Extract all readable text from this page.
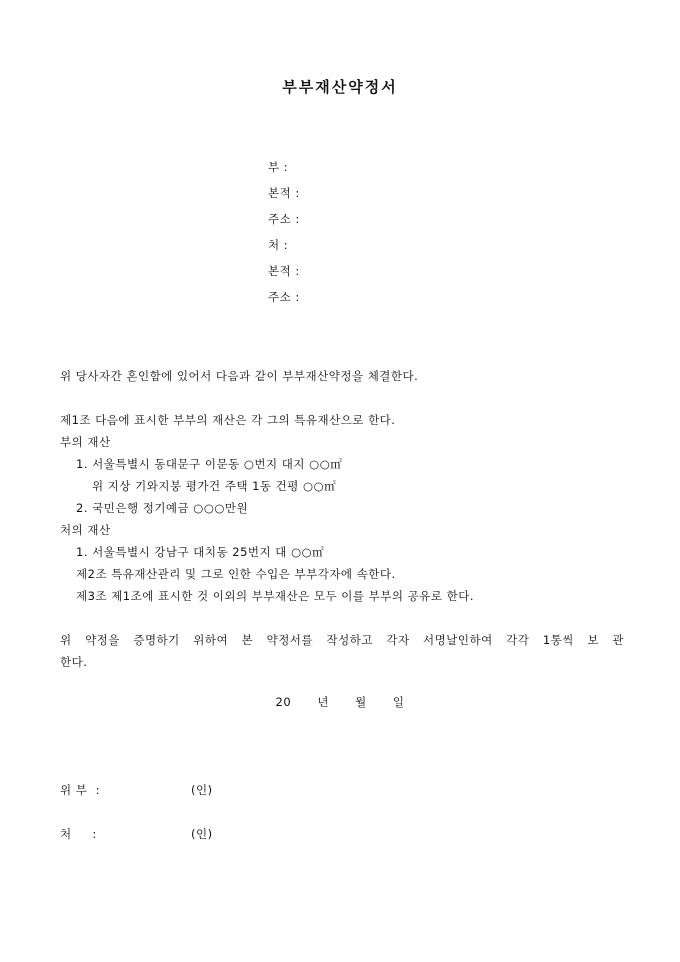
부부재산약정서
부 :
본적 :
주소 :
처 :
본적 :
주소 :
위 당사자간 혼인함에 있어서 다음과 같이 부부재산약정을 체결한다.
제1조 다음에 표시한 부부의 재산은 각 그의 특유재산으로 한다.
부의 재산
1. 서울특별시 동대문구 이문동 ○번지 대지 ○○㎡
위 지상 기와지붕 평가건 주택 1동 건평 ○○㎡
2. 국민은행 정기예금 ○○○만원
처의 재산
1. 서울특별시 강남구 대치동 25번지 대 ○○㎡
제2조 특유재산관리 및 그로 인한 수입은 부부각자에 속한다.
제3조 제1조에 표시한 것 이외의 부부재산은 모두 이를 부부의 공유로 한다.
위 약정을 증명하기 위하여 본 약정서를 작성하고 각자 서명날인하여 각각 1통씩 보 관
한다.
20 년 월 일
위 부  :	(인)
처     :	(인)
